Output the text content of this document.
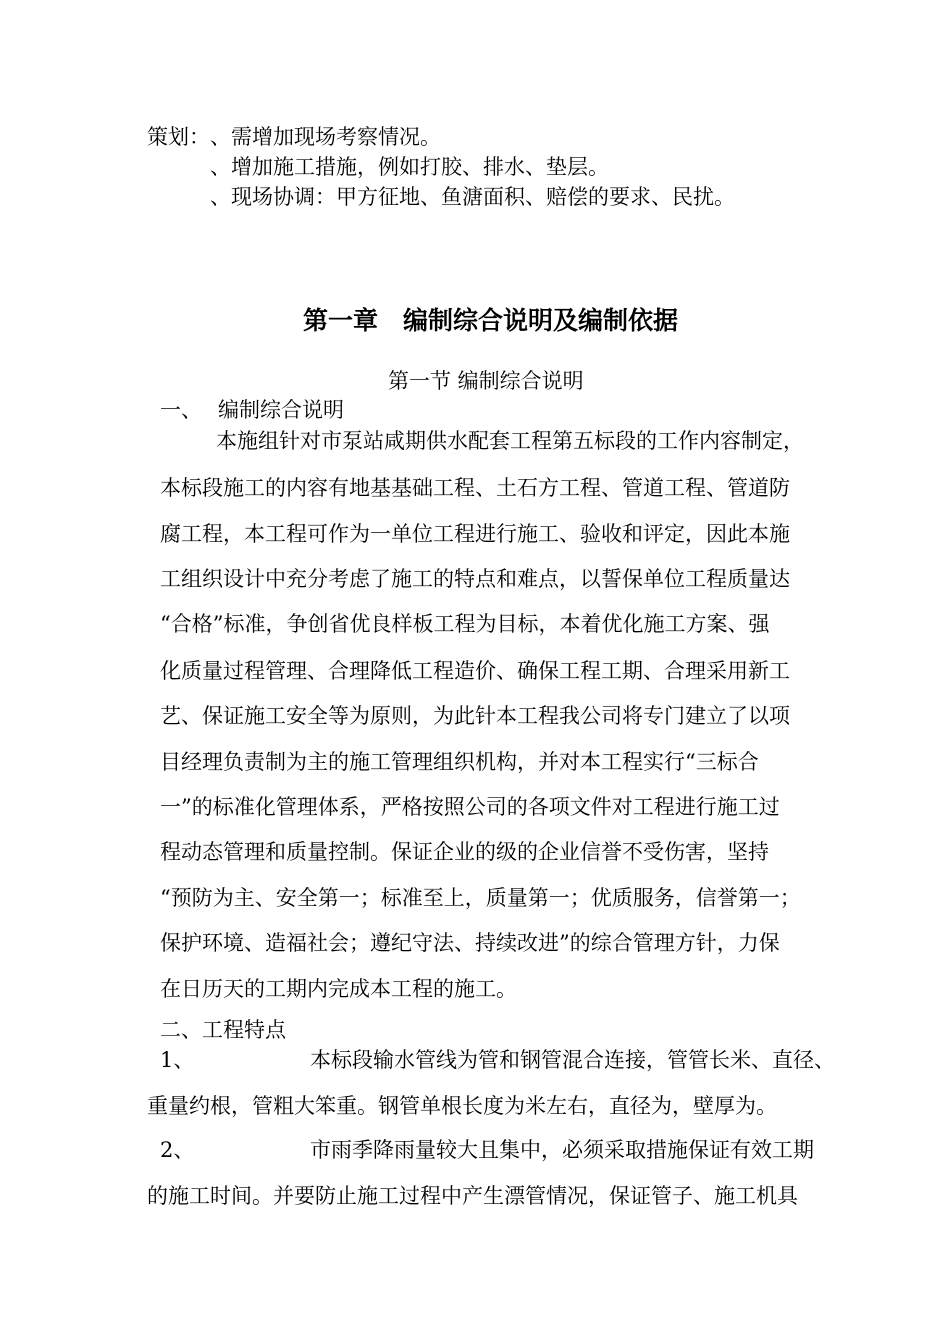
策划： 、需增加现场考察情况。
、增加施工措施，例如打胶、排水、垫层。
、现场协调：甲方征地、鱼溏面积、赔偿的要求、民扰。
第一章　编制综合说明及编制依据
第一节 编制综合说明
一、 编制综合说明
本施组针对市泵站咸期供水配套工程第五标段的工作内容制定，
本标段施工的内容有地基基础工程、土石方工程、管道工程、管道防
腐工程，本工程可作为一单位工程进行施工、验收和评定，因此本施
工组织设计中充分考虑了施工的特点和难点，以誓保单位工程质量达
“合格”标准，争创省优良样板工程为目标，本着优化施工方案、强
化质量过程管理、合理降低工程造价、确保工程工期、合理采用新工
艺、保证施工安全等为原则，为此针本工程我公司将专门建立了以项
目经理负责制为主的施工管理组织机构，并对本工程实行“三标合
一”的标准化管理体系，严格按照公司的各项文件对工程进行施工过
程动态管理和质量控制。保证企业的级的企业信誉不受伤害，坚持
“预防为主、安全第一；标准至上，质量第一；优质服务，信誉第一；
保护环境、造福社会；遵纪守法、持续改进”的综合管理方针，力保
在日历天的工期内完成本工程的施工。
二、工程特点
1、	本标段输水管线为管和钢管混合连接，管管长米、直径、
重量约根，管粗大笨重。钢管单根长度为米左右，直径为，壁厚为。
2、	市雨季降雨量较大且集中，必须采取措施保证有效工期
的施工时间。并要防止施工过程中产生漂管情况，保证管子、施工机具
